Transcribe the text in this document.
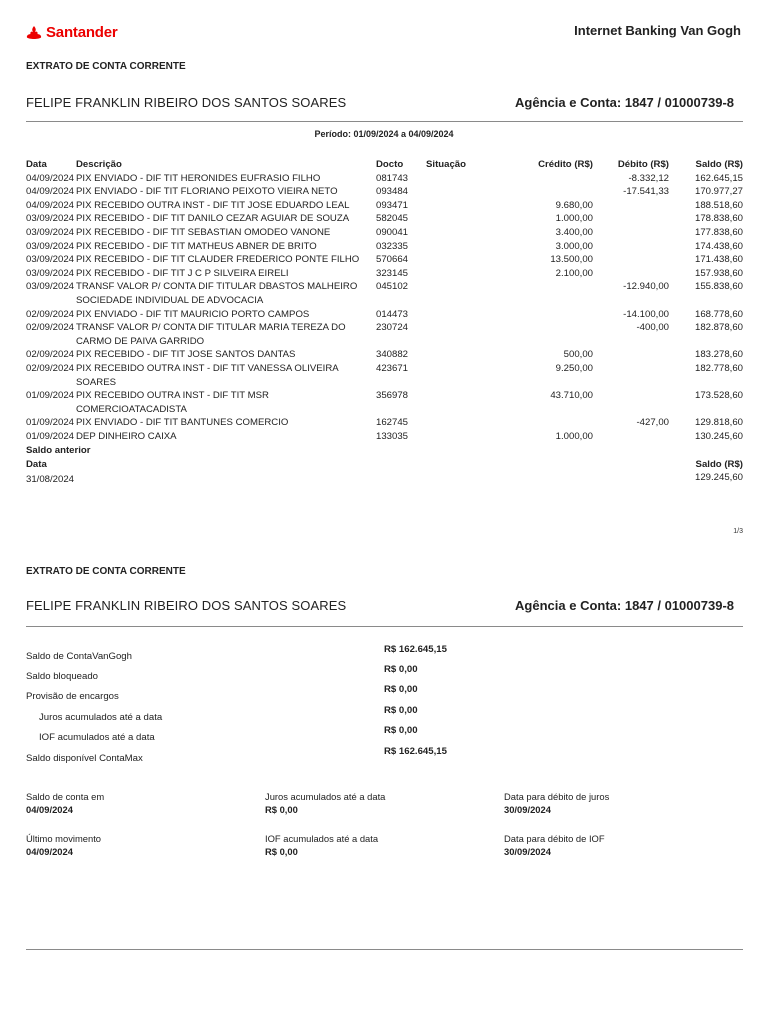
Santander	Internet Banking Van Gogh
EXTRATO DE CONTA CORRENTE
FELIPE FRANKLIN RIBEIRO DOS SANTOS SOARES	Agência e Conta: 1847 / 01000739-8
Período: 01/09/2024 a 04/09/2024
Data	Descrição	Docto	Situação	Crédito (R$)	Débito (R$)	Saldo (R$)
04/09/2024	PIX ENVIADO - DIF TIT HERONIDES EUFRASIO FILHO	081743			-8.332,12	162.645,15
04/09/2024	PIX ENVIADO - DIF TIT FLORIANO PEIXOTO VIEIRA NETO	093484			-17.541,33	170.977,27
04/09/2024	PIX RECEBIDO OUTRA INST - DIF TIT JOSE EDUARDO LEAL	093471		9.680,00		188.518,60
03/09/2024	PIX RECEBIDO - DIF TIT DANILO CEZAR AGUIAR DE SOUZA	582045		1.000,00		178.838,60
03/09/2024	PIX RECEBIDO - DIF TIT SEBASTIAN OMODEO VANONE	090041		3.400,00		177.838,60
03/09/2024	PIX RECEBIDO - DIF TIT MATHEUS ABNER DE BRITO	032335		3.000,00		174.438,60
03/09/2024	PIX RECEBIDO - DIF TIT CLAUDER FREDERICO PONTE FILHO	570664		13.500,00		171.438,60
03/09/2024	PIX RECEBIDO - DIF TIT J C P SILVEIRA EIRELI	323145		2.100,00		157.938,60
03/09/2024	TRANSF VALOR P/ CONTA DIF TITULAR DBASTOS MALHEIRO SOCIEDADE INDIVIDUAL DE ADVOCACIA	045102			-12.940,00	155.838,60
02/09/2024	PIX ENVIADO - DIF TIT MAURICIO PORTO CAMPOS	014473			-14.100,00	168.778,60
02/09/2024	TRANSF VALOR P/ CONTA DIF TITULAR MARIA TEREZA DO CARMO DE PAIVA GARRIDO	230724			-400,00	182.878,60
02/09/2024	PIX RECEBIDO - DIF TIT JOSE SANTOS DANTAS	340882		500,00		183.278,60
02/09/2024	PIX RECEBIDO OUTRA INST - DIF TIT VANESSA OLIVEIRA SOARES	423671		9.250,00		182.778,60
01/09/2024	PIX RECEBIDO OUTRA INST - DIF TIT MSR COMERCIOATACADISTA	356978		43.710,00		173.528,60
01/09/2024	PIX ENVIADO - DIF TIT BANTUNES COMERCIO	162745			-427,00	129.818,60
01/09/2024	DEP DINHEIRO CAIXA	133035		1.000,00		130.245,60
Saldo anterior
Data	Saldo (R$)
31/08/2024	129.245,60
1/3
EXTRATO DE CONTA CORRENTE
FELIPE FRANKLIN RIBEIRO DOS SANTOS SOARES	Agência e Conta: 1847 / 01000739-8
Saldo de ContaVanGogh
R$ 162.645,15
Saldo bloqueado
R$ 0,00
Provisão de encargos
R$ 0,00
Juros acumulados até a data
R$ 0,00
IOF acumulados até a data
R$ 0,00
Saldo disponível ContaMax
R$ 162.645,15
Saldo de conta em
04/09/2024
Juros acumulados até a data
R$ 0,00
Data para débito de juros
30/09/2024
Último movimento
04/09/2024
IOF acumulados até a data
R$ 0,00
Data para débito de IOF
30/09/2024
